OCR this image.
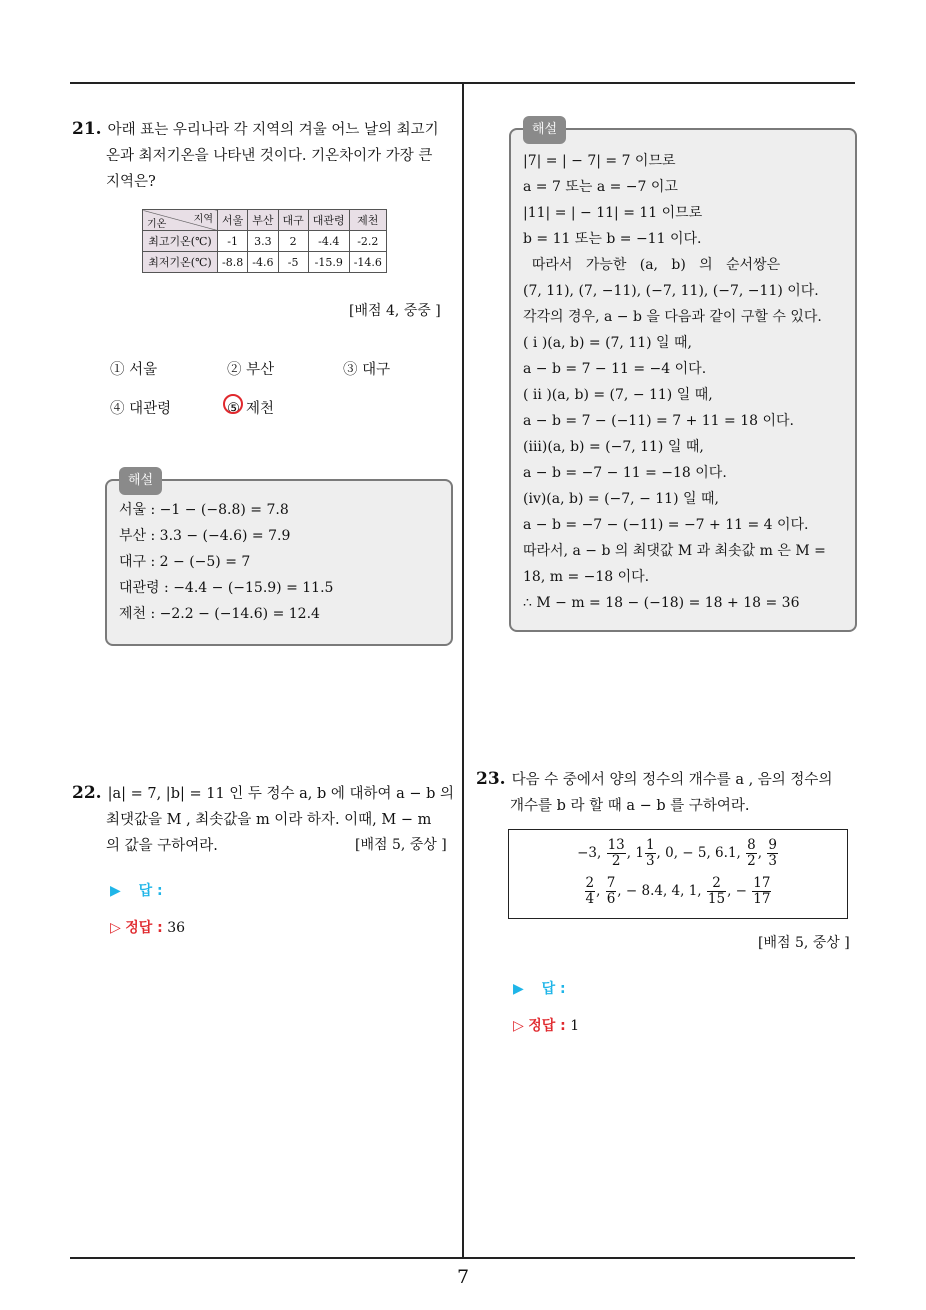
21. 아래 표는 우리나라 각 지역의 겨울 어느 날의 최고기
온과 최저기온을 나타낸 것이다. 기온차이가 가장 큰
지역은?
지역
기온	서울	부산	대구	대관령	제천
최고기온(℃)	-1	3.3	2	-4.4	-2.2
최저기온(℃)	-8.8	-4.6	-5	-15.9	-14.6
[배점 4, 중중 ]
① 서울	② 부산	③ 대구
④ 대관령	⑤ 제천
해설
서울 : −1 − (−8.8) = 7.8
부산 : 3.3 − (−4.6) = 7.9
대구 : 2 − (−5) = 7
대관령 : −4.4 − (−15.9) = 11.5
제천 : −2.2 − (−14.6) = 12.4
해설
|7| = | − 7| = 7 이므로
a = 7 또는 a = −7 이고
|11| = | − 11| = 11 이므로
b = 11 또는 b = −11 이다.
따라서   가능한   (a,   b)   의   순서쌍은
(7, 11), (7, −11), (−7, 11), (−7, −11) 이다.
각각의 경우, a − b 을 다음과 같이 구할 수 있다.
( i )(a, b) = (7, 11) 일 때,
a − b = 7 − 11 = −4 이다.
( ii )(a, b) = (7, − 11) 일 때,
a − b = 7 − (−11) = 7 + 11 = 18 이다.
(iii)(a, b) = (−7, 11) 일 때,
a − b = −7 − 11 = −18 이다.
(iv)(a, b) = (−7, − 11) 일 때,
a − b = −7 − (−11) = −7 + 11 = 4 이다.
따라서, a − b 의 최댓값 M 과 최솟값 m 은 M =
18, m = −18 이다.
∴ M − m = 18 − (−18) = 18 + 18 = 36
22. |a| = 7, |b| = 11 인 두 정수 a, b 에 대하여 a − b 의
최댓값을 M , 최솟값을 m 이라 하자. 이때, M − m
의 값을 구하여라.	[배점 5, 중상 ]
▶ 답 :
▷ 정답 : 36
23. 다음 수 중에서 양의 정수의 개수를 a , 음의 정수의
개수를 b 라 할 때 a − b 를 구하여라.
−3, $\frac{13}{2}$ , $1 \frac{1}{3}$ , 0, − 5, 6.1, $\frac{8}{2}$ , $\frac{9}{3}$
$\frac{2}{4}$ , $\frac{7}{6}$ , − 8.4, 4, 1, $\frac{2}{15}$ , − $\frac{17}{17}$
[배점 5, 중상 ]
▶ 답 :
▷ 정답 : 1
7
